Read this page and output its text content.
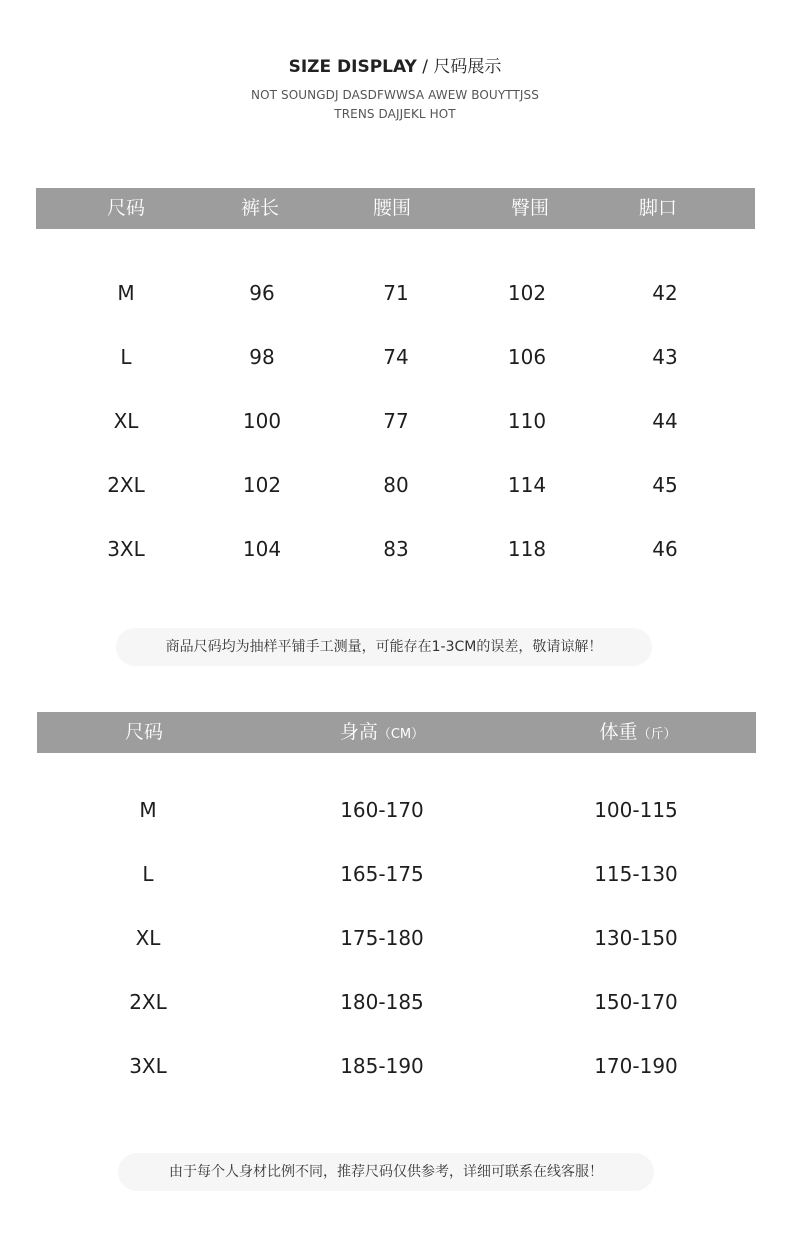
SIZE DISPLAY / 尺码展示
NOT SOUNGDJ DASDFWWSA AWEW BOUYTTJSS
TRENS DAJJEKL HOT
尺码	裤长	腰围	臀围	脚口
M	96	71	102	42
L	98	74	106	43
XL	100	77	110	44
2XL	102	80	114	45
3XL	104	83	118	46
商品尺码均为抽样平铺手工测量，可能存在1-3CM的误差，敬请谅解！
尺码	身高（CM）	体重（斤）
M	160-170	100-115
L	165-175	115-130
XL	175-180	130-150
2XL	180-185	150-170
3XL	185-190	170-190
由于每个人身材比例不同，推荐尺码仅供参考，详细可联系在线客服！
